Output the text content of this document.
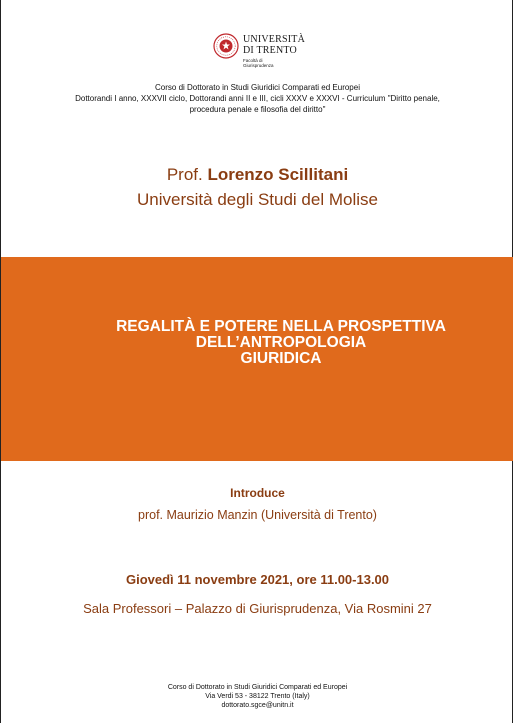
UNIVERSITÀ
DI TRENTO
Facoltà di
Giurisprudenza
Corso di Dottorato in Studi Giuridici Comparati ed Europei
Dottorandi I anno, XXXVII ciclo, Dottorandi anni II e III, cicli XXXV e XXXVI - Curriculum "Diritto penale,
procedura penale e filosofia del diritto"
Prof. Lorenzo Scillitani
Università degli Studi del Molise
REGALITÀ E POTERE NELLA PROSPETTIVA
DELL’ANTROPOLOGIA
GIURIDICA
Introduce
prof. Maurizio Manzin (Università di Trento)
Giovedì 11 novembre 2021, ore 11.00-13.00
Sala Professori – Palazzo di Giurisprudenza, Via Rosmini 27
Corso di Dottorato in Studi Giuridici Comparati ed Europei
Via Verdi 53 - 38122 Trento (Italy)
dottorato.sgce@unitn.it
